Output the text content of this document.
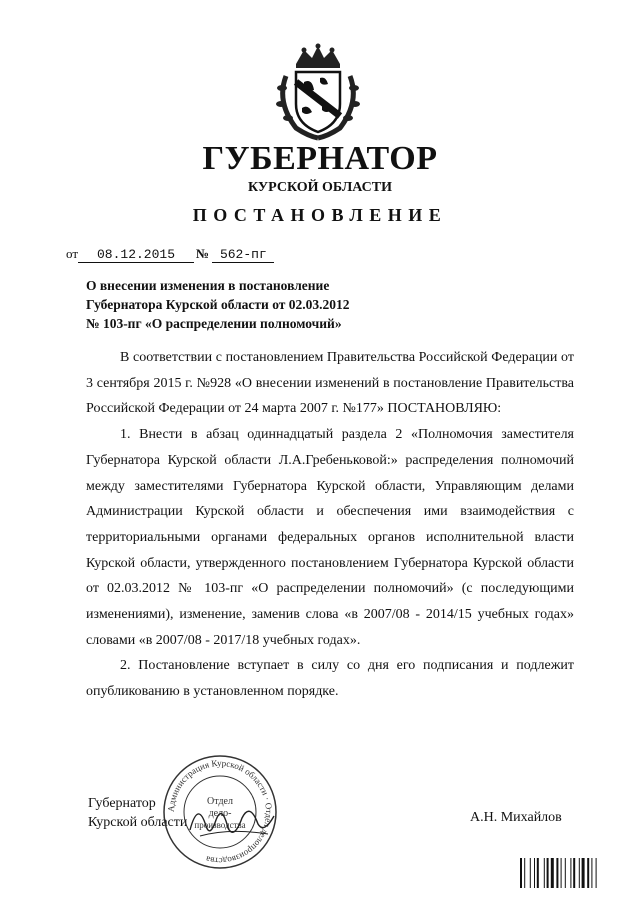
ГУБЕРНАТОР
КУРСКОЙ ОБЛАСТИ
ПОСТАНОВЛЕНИЕ
от 08.12.2015 № 562-пг
О внесении изменения в постановление
Губернатора Курской области от 02.03.2012
№ 103-пг «О распределении полномочий»

В соответствии с постановлением Правительства Российской Федерации от 3 сентября 2015 г. №928 «О внесении изменений в постановление Правительства Российской Федерации от 24 марта 2007 г. №177» ПОСТАНОВЛЯЮ:

1. Внести в абзац одиннадцатый раздела 2 «Полномочия заместителя Губернатора Курской области Л.А.Гребеньковой:» распределения полномочий между заместителями Губернатора Курской области, Управляющим делами Администрации Курской области и обеспечения ими взаимодействия с территориальными органами федеральных органов исполнительной власти Курской области, утвержденного постановлением Губернатора Курской области от 02.03.2012 № 103-пг «О распределении полномочий» (с последующими изменениями), изменение, заменив слова «в 2007/08 - 2014/15 учебных годах» словами «в 2007/08 - 2017/18 учебных годах».

2. Постановление вступает в силу со дня его подписания и подлежит опубликованию в установленном порядке.

Губернатор
Курской области	А.Н. Михайлов
Администрация Курской области · Отдел делопроизводства
Отдел
дело-
производства
